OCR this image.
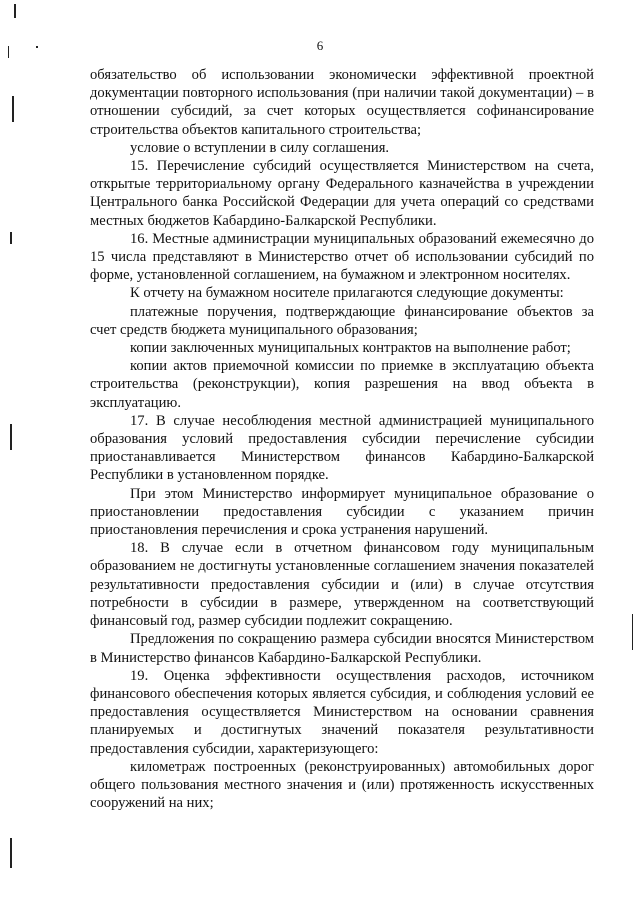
6

обязательство об использовании экономически эффективной проектной документации повторного использования (при наличии такой документации) – в отношении субсидий, за счет которых осуществляется софинансирование строительства объектов капитального строительства;

условие о вступлении в силу соглашения.

15. Перечисление субсидий осуществляется Министерством на счета, открытые территориальному органу Федерального казначейства в учреждении Центрального банка Российской Федерации для учета операций со средствами местных бюджетов Кабардино-Балкарской Республики.

16. Местные администрации муниципальных образований ежемесячно до 15 числа представляют в Министерство отчет об использовании субсидий по форме, установленной соглашением, на бумажном и электронном носителях.

К отчету на бумажном носителе прилагаются следующие документы:

платежные поручения, подтверждающие финансирование объектов за счет средств бюджета муниципального образования;

копии заключенных муниципальных контрактов на выполнение работ;

копии актов приемочной комиссии по приемке в эксплуатацию объекта строительства (реконструкции), копия разрешения на ввод объекта в эксплуатацию.

17. В случае несоблюдения местной администрацией муниципального образования условий предоставления субсидии перечисление субсидии приостанавливается Министерством финансов Кабардино-Балкарской Республики в установленном порядке.

При этом Министерство информирует муниципальное образование о приостановлении предоставления субсидии с указанием причин приостановления перечисления и срока устранения нарушений.

18. В случае если в отчетном финансовом году муниципальным образованием не достигнуты установленные соглашением значения показателей результативности предоставления субсидии и (или) в случае отсутствия потребности в субсидии в размере, утвержденном на соответствующий финансовый год, размер субсидии подлежит сокращению.

Предложения по сокращению размера субсидии вносятся Министерством в Министерство финансов Кабардино-Балкарской Республики.

19. Оценка эффективности осуществления расходов, источником финансового обеспечения которых является субсидия, и соблюдения условий ее предоставления осуществляется Министерством на основании сравнения планируемых и достигнутых значений показателя результативности предоставления субсидии, характеризующего:

километраж построенных (реконструированных) автомобильных дорог общего пользования местного значения и (или) протяженность искусственных сооружений на них;
